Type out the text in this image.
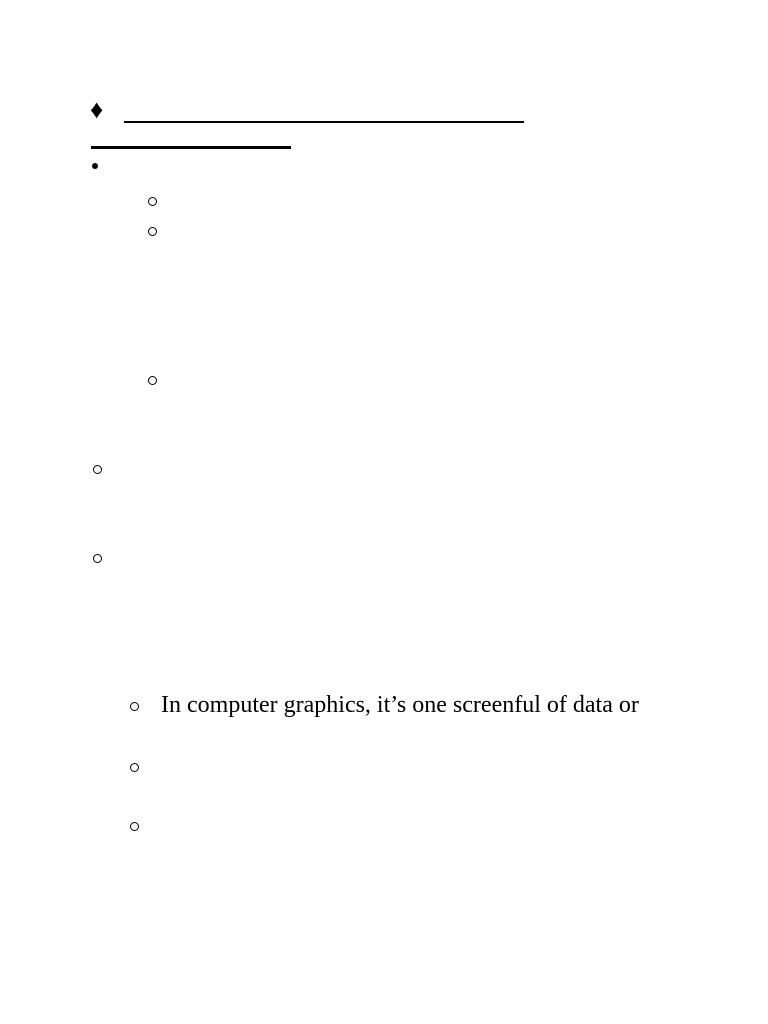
♦
In computer graphics, it’s one screenful of data or
